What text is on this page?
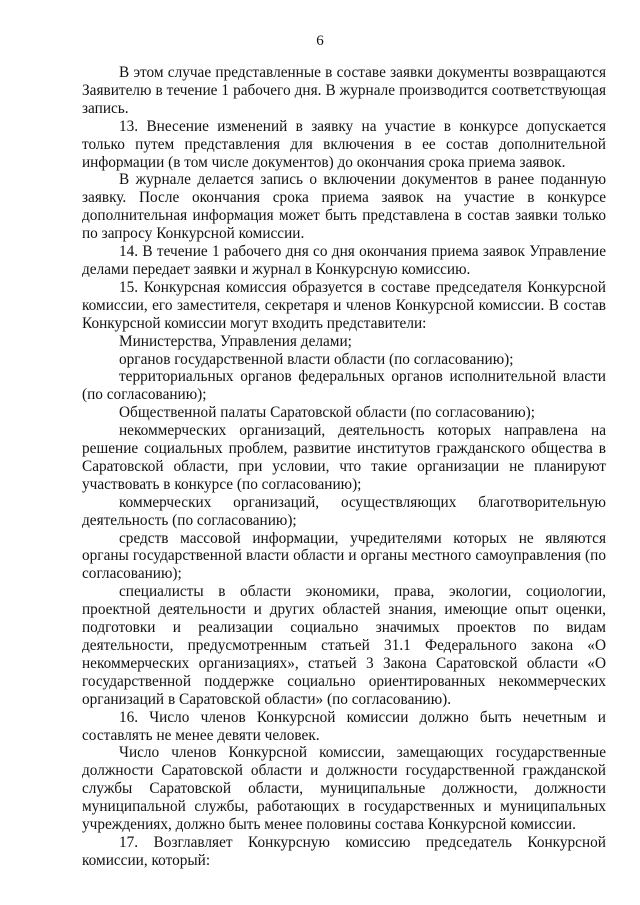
6

В этом случае представленные в составе заявки документы возвращаются Заявителю в течение 1 рабочего дня. В журнале производится соответствующая запись.

13. Внесение изменений в заявку на участие в конкурсе допускается только путем представления для включения в ее состав дополнительной информации (в том числе документов) до окончания срока приема заявок.

В журнале делается запись о включении документов в ранее поданную заявку. После окончания срока приема заявок на участие в конкурсе дополнительная информация может быть представлена в состав заявки только по запросу Конкурсной комиссии.

14. В течение 1 рабочего дня со дня окончания приема заявок Управление делами передает заявки и журнал в Конкурсную комиссию.

15. Конкурсная комиссия образуется в составе председателя Конкурсной комиссии, его заместителя, секретаря и членов Конкурсной комиссии. В состав Конкурсной комиссии могут входить представители:

Министерства, Управления делами;

органов государственной власти области (по согласованию);

территориальных органов федеральных органов исполнительной власти (по согласованию);

Общественной палаты Саратовской области (по согласованию);

некоммерческих организаций, деятельность которых направлена на решение социальных проблем, развитие институтов гражданского общества в Саратовской области, при условии, что такие организации не планируют участвовать в конкурсе (по согласованию);

коммерческих организаций, осуществляющих благотворительную деятельность (по согласованию);

средств массовой информации, учредителями которых не являются органы государственной власти области и органы местного самоуправления (по согласованию);

специалисты в области экономики, права, экологии, социологии, проектной деятельности и других областей знания, имеющие опыт оценки, подготовки и реализации социально значимых проектов по видам деятельности, предусмотренным статьей 31.1 Федерального закона «О некоммерческих организациях», статьей 3 Закона Саратовской области «О государственной поддержке социально ориентированных некоммерческих организаций в Саратовской области» (по согласованию).

16. Число членов Конкурсной комиссии должно быть нечетным и составлять не менее девяти человек.

Число членов Конкурсной комиссии, замещающих государственные должности Саратовской области и должности государственной гражданской службы Саратовской области, муниципальные должности, должности муниципальной службы, работающих в государственных и муниципальных учреждениях, должно быть менее половины состава Конкурсной комиссии.

17. Возглавляет Конкурсную комиссию председатель Конкурсной комиссии, который:
